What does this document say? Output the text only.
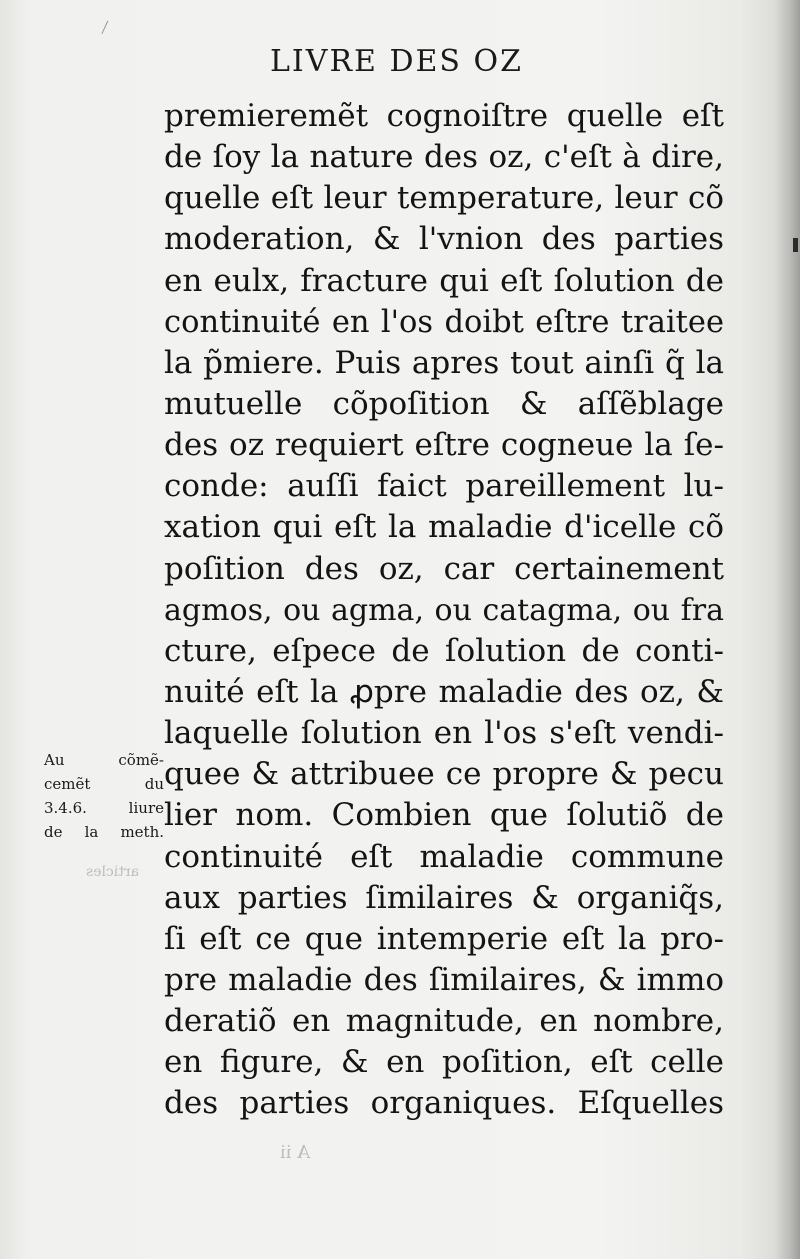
articles
A ii
LIVRE DES OZ
premieremẽt cognoiſtre quelle eſt
de ſoy la nature des oz, c'eſt à dire,
quelle eſt leur temperature, leur cõ
moderation, & l'vnion des parties
en eulx, fracture qui eſt ſolution de
continuité en l'os doibt eſtre traitee
la p̃miere. Puis apres tout ainſi q̃ la
mutuelle cõpoſition & aſſẽblage
des oz requiert eſtre cogneue la ſe-
conde: auſſi faict pareillement lu-
xation qui eſt la maladie d'icelle cõ
poſition des oz, car certainement
agmos, ou agma, ou catagma, ou fra
cture, eſpece de ſolution de conti-
nuité eſt la ꝓpre maladie des oz, &
laquelle ſolution en l'os s'eſt vendi-
quee & attribuee ce propre & pecu
lier nom. Combien que ſolutiõ de
continuité eſt maladie commune
aux parties ſimilaires & organiq̃s,
ſi eſt ce que intemperie eſt la pro-
pre maladie des ſimilaires, & immo
deratiõ en magnitude, en nombre,
en figure, & en poſition, eſt celle
des parties organiques. Eſquelles
Au cõmẽ-
cemẽt du
3.4.6. liure
de la meth.
